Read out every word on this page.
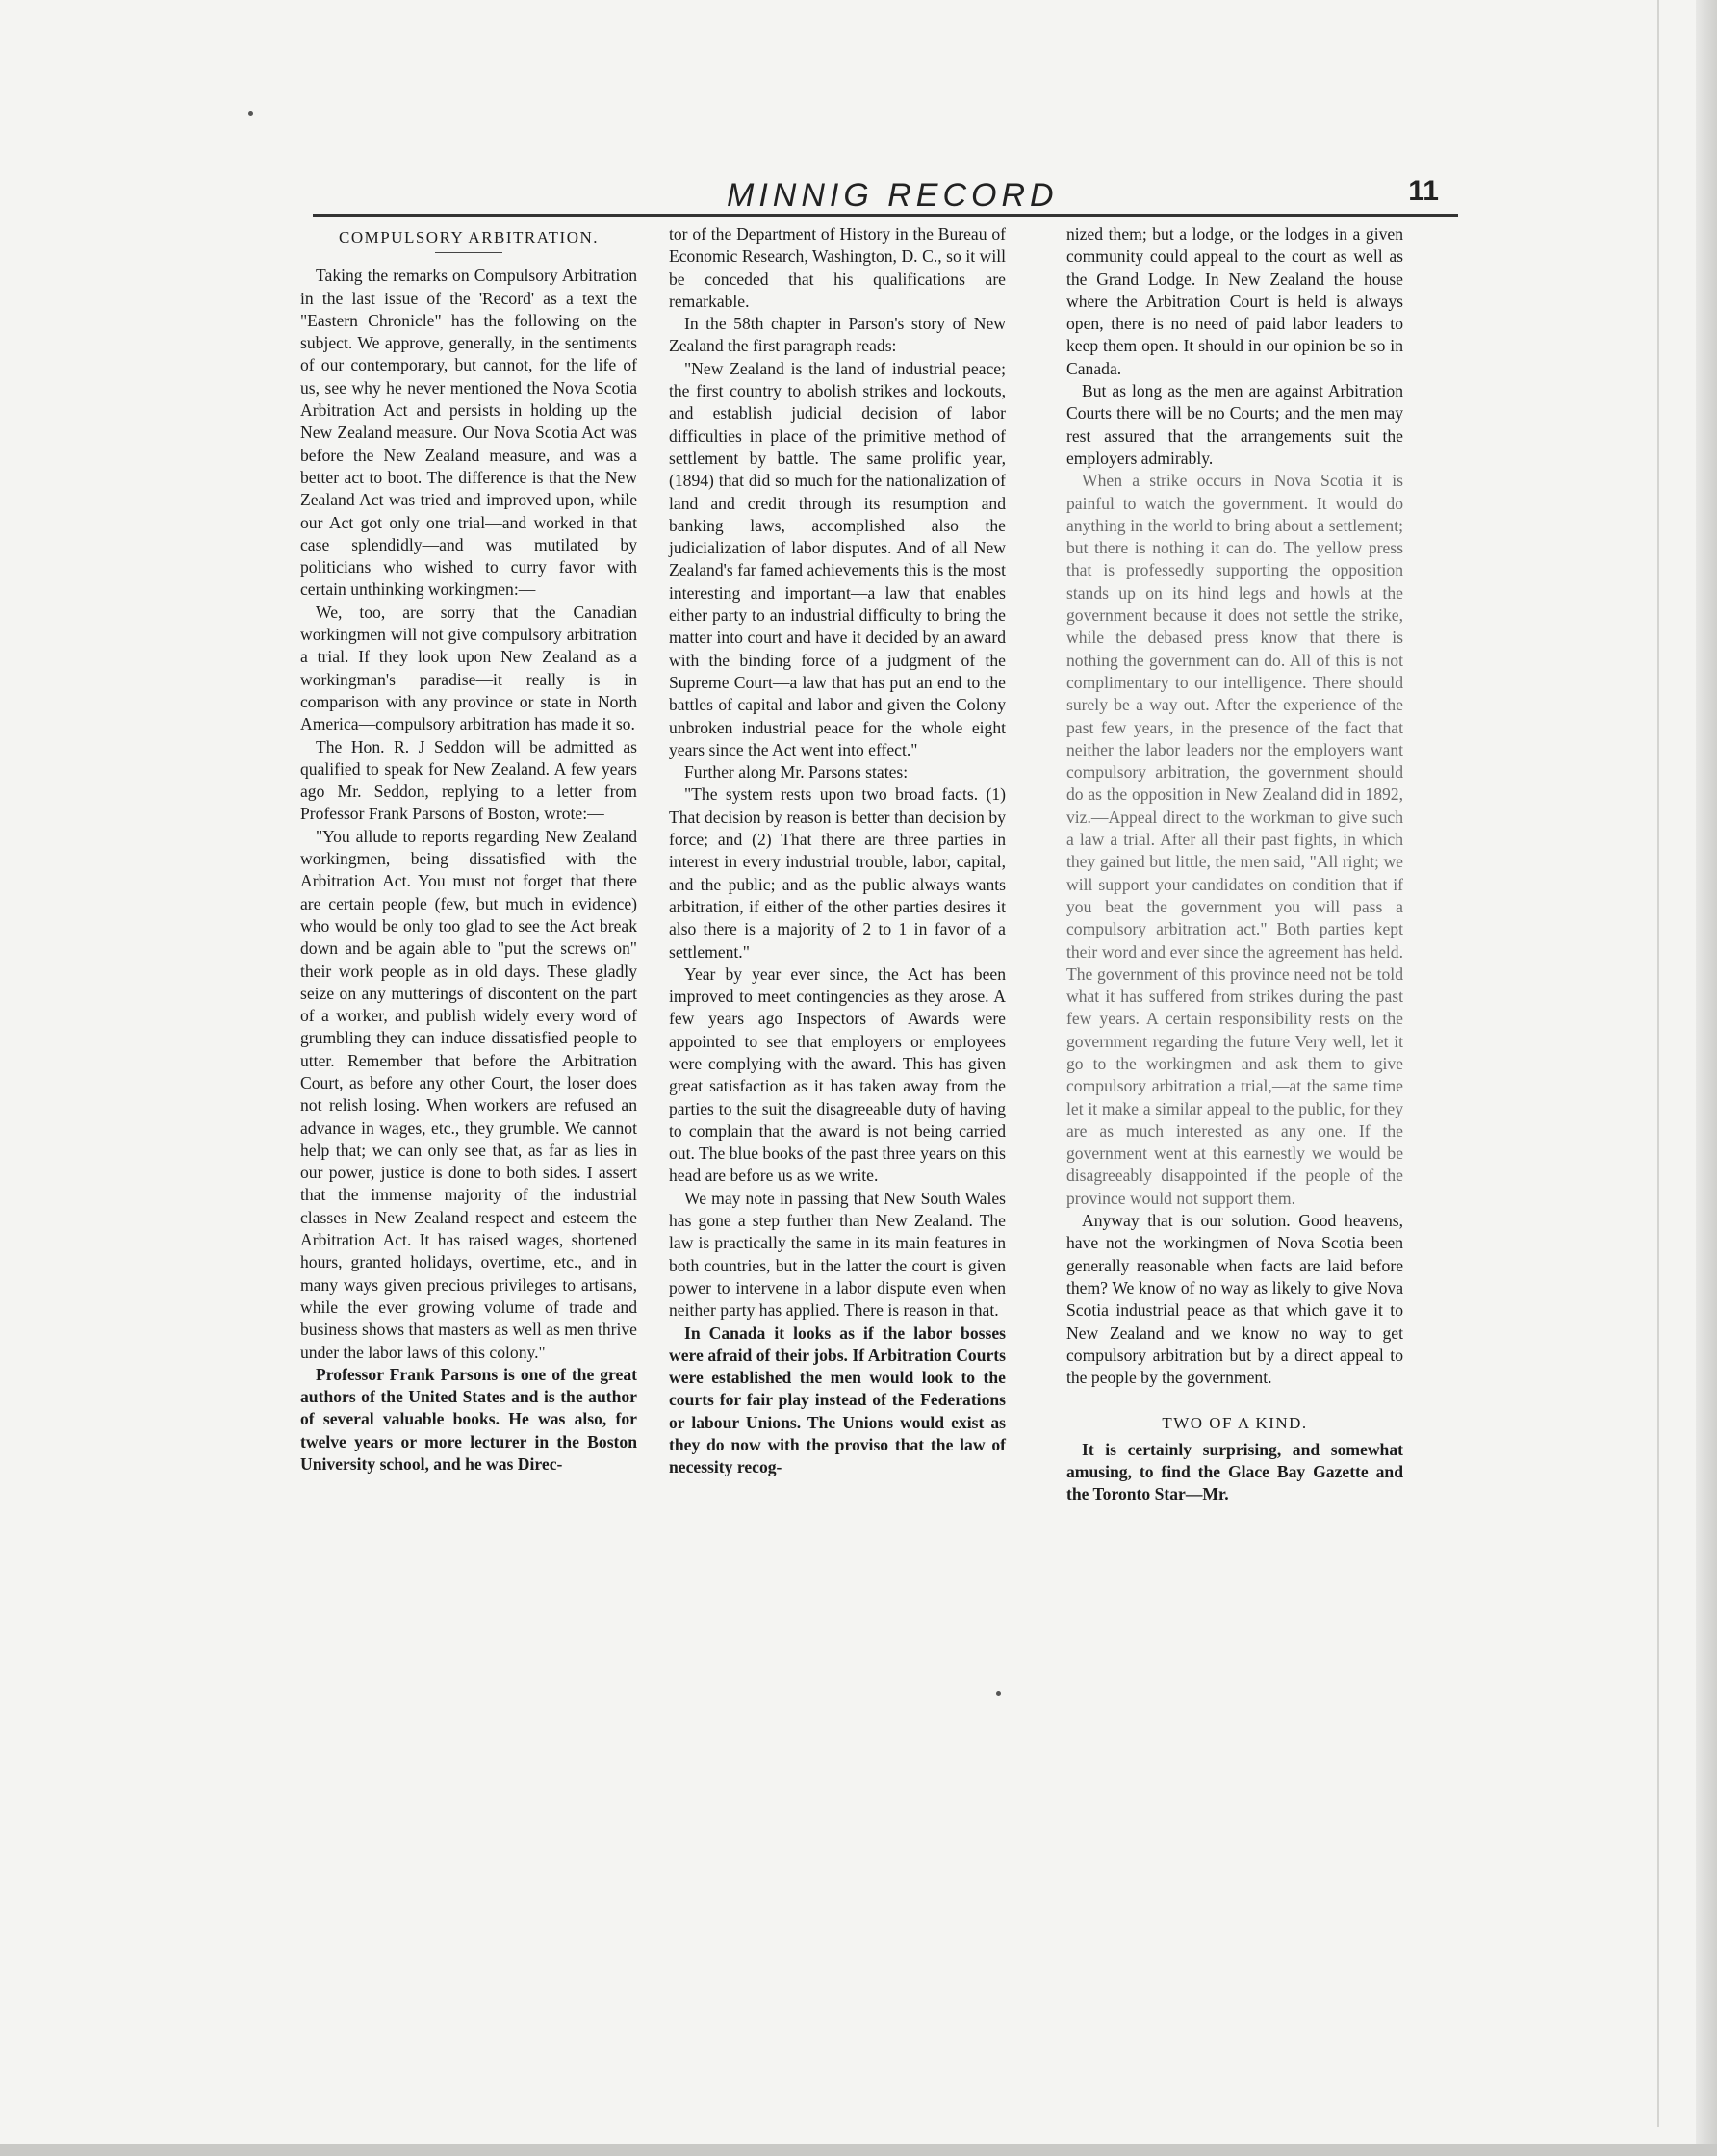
MINNIG RECORD	11
COMPULSORY ARBITRATION.

Taking the remarks on Compulsory Arbitration in the last issue of the 'Record' as a text the "Eastern Chronicle" has the following on the subject. We approve, generally, in the sentiments of our contemporary, but cannot, for the life of us, see why he never mentioned the Nova Scotia Arbitration Act and persists in holding up the New Zealand measure. Our Nova Scotia Act was before the New Zealand measure, and was a better act to boot. The difference is that the New Zealand Act was tried and improved upon, while our Act got only one trial—and worked in that case splendidly—and was mutilated by politicians who wished to curry favor with certain unthinking workingmen:—

We, too, are sorry that the Canadian workingmen will not give compulsory arbitration a trial. If they look upon New Zealand as a workingman's paradise—it really is in comparison with any province or state in North America—compulsory arbitration has made it so.

The Hon. R. J Seddon will be admitted as qualified to speak for New Zealand. A few years ago Mr. Seddon, replying to a letter from Professor Frank Parsons of Boston, wrote:—

"You allude to reports regarding New Zealand workingmen, being dissatisfied with the Arbitration Act. You must not forget that there are certain people (few, but much in evidence) who would be only too glad to see the Act break down and be again able to "put the screws on" their work people as in old days. These gladly seize on any mutterings of discontent on the part of a worker, and publish widely every word of grumbling they can induce dissatisfied people to utter. Remember that before the Arbitration Court, as before any other Court, the loser does not relish losing. When workers are refused an advance in wages, etc., they grumble. We cannot help that; we can only see that, as far as lies in our power, justice is done to both sides. I assert that the immense majority of the industrial classes in New Zealand respect and esteem the Arbitration Act. It has raised wages, shortened hours, granted holidays, overtime, etc., and in many ways given precious privileges to artisans, while the ever growing volume of trade and business shows that masters as well as men thrive under the labor laws of this colony."

Professor Frank Parsons is one of the great authors of the United States and is the author of several valuable books. He was also, for twelve years or more lecturer in the Boston University school, and he was Direc-

tor of the Department of History in the Bureau of Economic Research, Washington, D. C., so it will be conceded that his qualifications are remarkable.

In the 58th chapter in Parson's story of New Zealand the first paragraph reads:—

"New Zealand is the land of industrial peace; the first country to abolish strikes and lockouts, and establish judicial decision of labor difficulties in place of the primitive method of settlement by battle. The same prolific year, (1894) that did so much for the nationalization of land and credit through its resumption and banking laws, accomplished also the judicialization of labor disputes. And of all New Zealand's far famed achievements this is the most interesting and important—a law that enables either party to an industrial difficulty to bring the matter into court and have it decided by an award with the binding force of a judgment of the Supreme Court—a law that has put an end to the battles of capital and labor and given the Colony unbroken industrial peace for the whole eight years since the Act went into effect."

Further along Mr. Parsons states:

"The system rests upon two broad facts. (1) That decision by reason is better than decision by force; and (2) That there are three parties in interest in every industrial trouble, labor, capital, and the public; and as the public always wants arbitration, if either of the other parties desires it also there is a majority of 2 to 1 in favor of a settlement."

Year by year ever since, the Act has been improved to meet contingencies as they arose. A few years ago Inspectors of Awards were appointed to see that employers or employees were complying with the award. This has given great satisfaction as it has taken away from the parties to the suit the disagreeable duty of having to complain that the award is not being carried out. The blue books of the past three years on this head are before us as we write.

We may note in passing that New South Wales has gone a step further than New Zealand. The law is practically the same in its main features in both countries, but in the latter the court is given power to intervene in a labor dispute even when neither party has applied. There is reason in that.

In Canada it looks as if the labor bosses were afraid of their jobs. If Arbitration Courts were established the men would look to the courts for fair play instead of the Federations or labour Unions. The Unions would exist as they do now with the proviso that the law of necessity recog-

nized them; but a lodge, or the lodges in a given community could appeal to the court as well as the Grand Lodge. In New Zealand the house where the Arbitration Court is held is always open, there is no need of paid labor leaders to keep them open. It should in our opinion be so in Canada.

But as long as the men are against Arbitration Courts there will be no Courts; and the men may rest assured that the arrangements suit the employers admirably.

When a strike occurs in Nova Scotia it is painful to watch the government. It would do anything in the world to bring about a settlement; but there is nothing it can do. The yellow press that is professedly supporting the opposition stands up on its hind legs and howls at the government because it does not settle the strike, while the debased press know that there is nothing the government can do. All of this is not complimentary to our intelligence. There should surely be a way out. After the experience of the past few years, in the presence of the fact that neither the labor leaders nor the employers want compulsory arbitration, the government should do as the opposition in New Zealand did in 1892, viz.—Appeal direct to the workman to give such a law a trial. After all their past fights, in which they gained but little, the men said, "All right; we will support your candidates on condition that if you beat the government you will pass a compulsory arbitration act." Both parties kept their word and ever since the agreement has held. The government of this province need not be told what it has suffered from strikes during the past few years. A certain responsibility rests on the government regarding the future Very well, let it go to the workingmen and ask them to give compulsory arbitration a trial,—at the same time let it make a similar appeal to the public, for they are as much interested as any one. If the government went at this earnestly we would be disagreeably disappointed if the people of the province would not support them.

Anyway that is our solution. Good heavens, have not the workingmen of Nova Scotia been generally reasonable when facts are laid before them? We know of no way as likely to give Nova Scotia industrial peace as that which gave it to New Zealand and we know no way to get compulsory arbitration but by a direct appeal to the people by the government.

TWO OF A KIND.

It is certainly surprising, and somewhat amusing, to find the Glace Bay Gazette and the Toronto Star—Mr.
